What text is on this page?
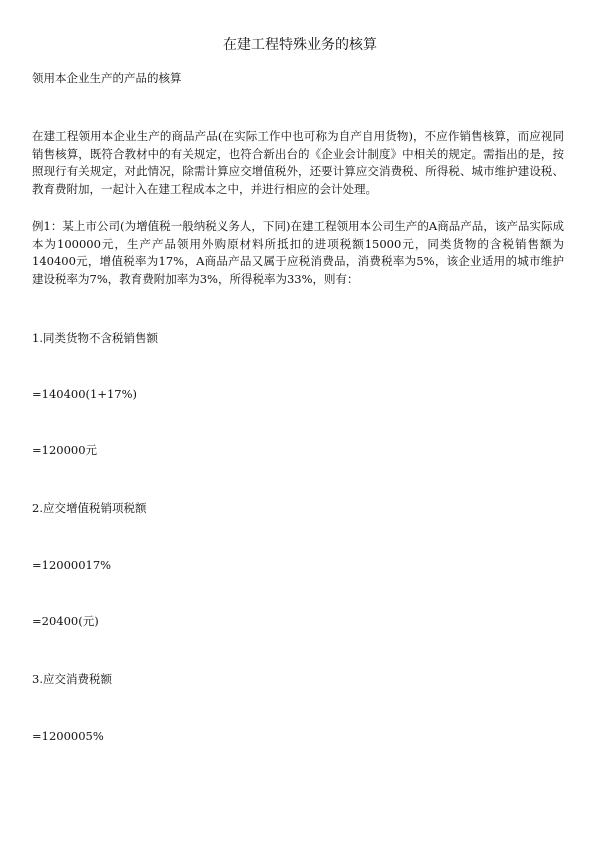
在建工程特殊业务的核算
领用本企业生产的产品的核算
在建工程领用本企业生产的商品产品(在实际工作中也可称为自产自用货物)，不应作销售核算，而应视同销售核算，既符合教材中的有关规定，也符合新出台的《企业会计制度》中相关的规定。需指出的是，按照现行有关规定，对此情况，除需计算应交增值税外，还要计算应交消费税、所得税、城市维护建设税、教育费附加，一起计入在建工程成本之中，并进行相应的会计处理。
例1：某上市公司(为增值税一般纳税义务人，下同)在建工程领用本公司生产的A商品产品，该产品实际成本为100000元，生产产品领用外购原材料所抵扣的进项税额15000元，同类货物的含税销售额为140400元，增值税率为17%，A商品产品又属于应税消费品，消费税率为5%，该企业适用的城市维护建设税率为7%，教育费附加率为3%，所得税率为33%，则有：
1.同类货物不含税销售额
=140400(1+17%)
=120000元
2.应交增值税销项税额
=12000017%
=20400(元)
3.应交消费税额
=1200005%
